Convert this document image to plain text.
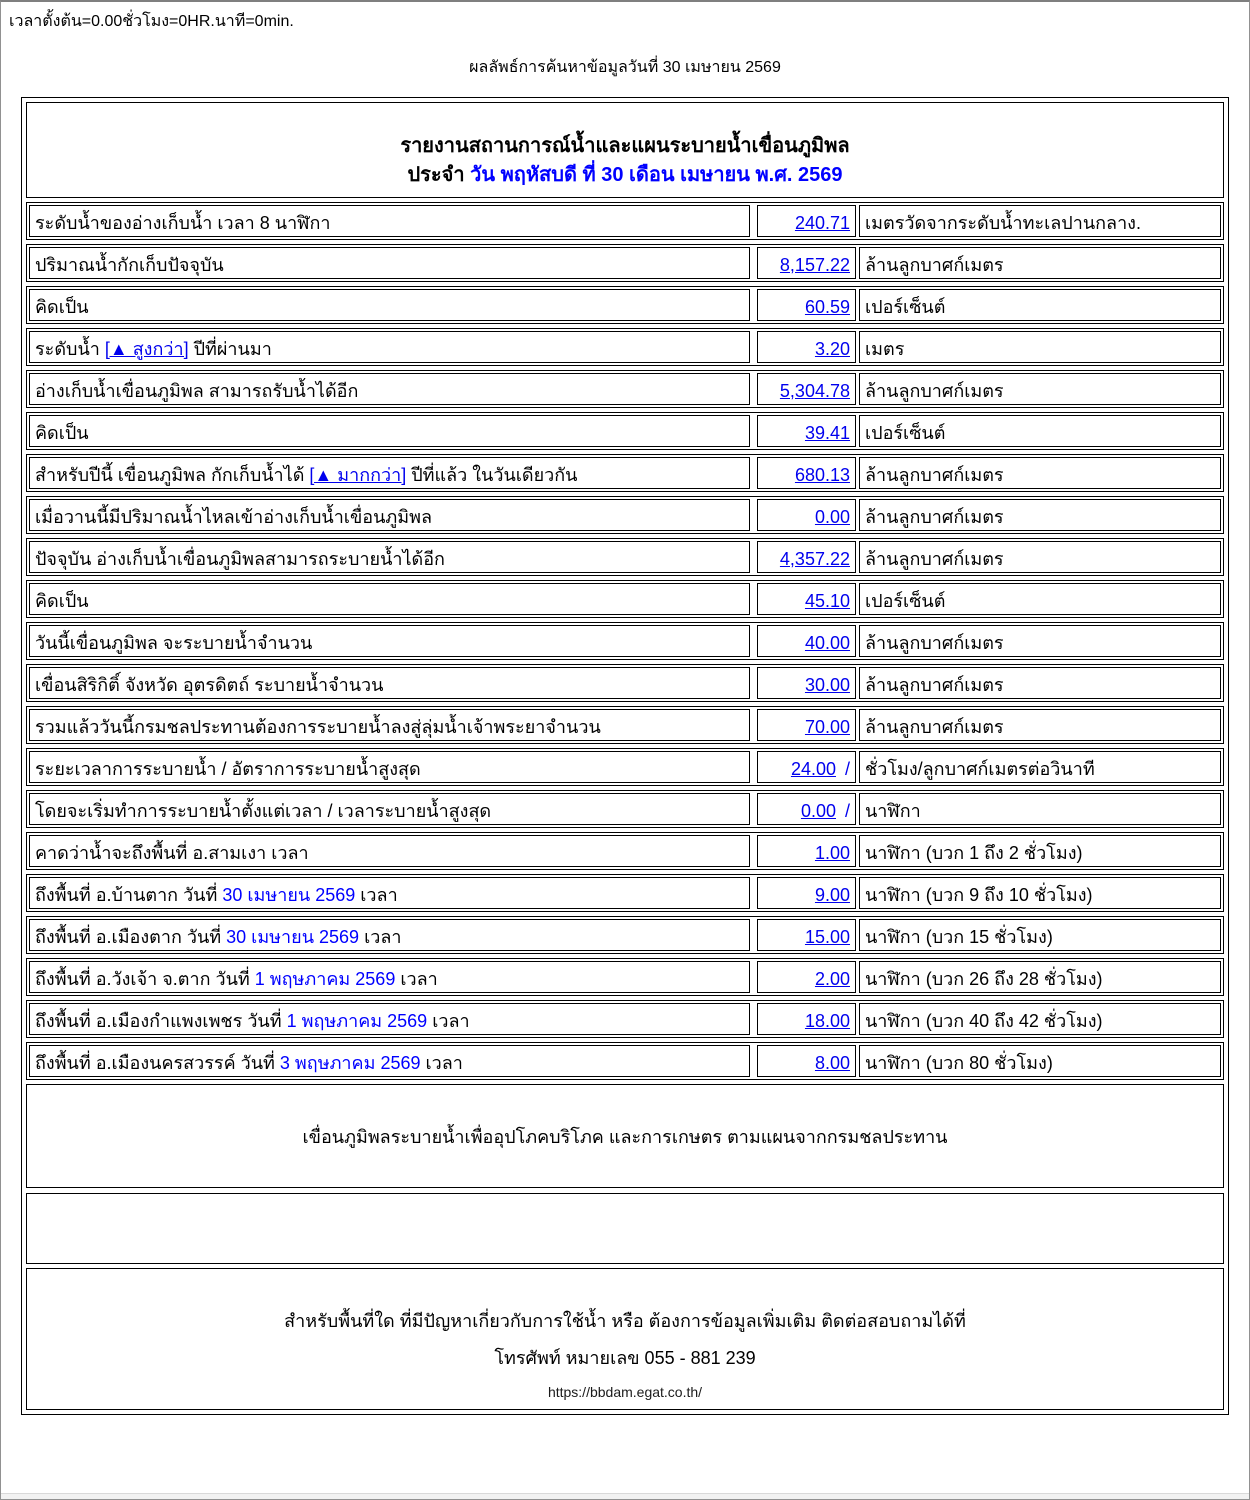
เวลาตั้งต้น=0.00ชั่วโมง=0HR.นาที=0min.
ผลลัพธ์การค้นหาข้อมูลวันที่ 30 เมษายน 2569
รายงานสถานการณ์น้ำและแผนระบายน้ำเขื่อนภูมิพล
ประจำ วัน พฤหัสบดี ที่ 30 เดือน เมษายน พ.ศ. 2569
ระดับน้ำของอ่างเก็บน้ำ เวลา 8 นาฬิกา	240.71 เมตรวัดจากระดับน้ำทะเลปานกลาง.
ปริมาณน้ำกักเก็บปัจจุบัน	8,157.22 ล้านลูกบาศก์เมตร
คิดเป็น	60.59 เปอร์เซ็นต์
ระดับน้ำ [▲ สูงกว่า] ปีที่ผ่านมา	3.20 เมตร
อ่างเก็บน้ำเขื่อนภูมิพล สามารถรับน้ำได้อีก	5,304.78 ล้านลูกบาศก์เมตร
คิดเป็น	39.41 เปอร์เซ็นต์
สำหรับปีนี้ เขื่อนภูมิพล กักเก็บน้ำได้ [▲ มากกว่า] ปีที่แล้ว ในวันเดียวกัน	680.13 ล้านลูกบาศก์เมตร
เมื่อวานนี้มีปริมาณน้ำไหลเข้าอ่างเก็บน้ำเขื่อนภูมิพล	0.00 ล้านลูกบาศก์เมตร
ปัจจุบัน อ่างเก็บน้ำเขื่อนภูมิพลสามารถระบายน้ำได้อีก	4,357.22 ล้านลูกบาศก์เมตร
คิดเป็น	45.10 เปอร์เซ็นต์
วันนี้เขื่อนภูมิพล จะระบายน้ำจำนวน	40.00 ล้านลูกบาศก์เมตร
เขื่อนสิริกิติ์ จังหวัด อุตรดิตถ์ ระบายน้ำจำนวน	30.00 ล้านลูกบาศก์เมตร
รวมแล้ววันนี้กรมชลประทานต้องการระบายน้ำลงสู่ลุ่มน้ำเจ้าพระยาจำนวน	70.00 ล้านลูกบาศก์เมตร
ระยะเวลาการระบายน้ำ / อัตราการระบายน้ำสูงสุด	24.00 / ชั่วโมง/ลูกบาศก์เมตรต่อวินาที
โดยจะเริ่มทำการระบายน้ำตั้งแต่เวลา / เวลาระบายน้ำสูงสุด	0.00 / นาฬิกา
คาดว่าน้ำจะถึงพื้นที่ อ.สามเงา เวลา	1.00 นาฬิกา (บวก 1 ถึง 2 ชั่วโมง)
ถึงพื้นที่ อ.บ้านตาก วันที่ 30 เมษายน 2569 เวลา	9.00 นาฬิกา (บวก 9 ถึง 10 ชั่วโมง)
ถึงพื้นที่ อ.เมืองตาก วันที่ 30 เมษายน 2569 เวลา	15.00 นาฬิกา (บวก 15 ชั่วโมง)
ถึงพื้นที่ อ.วังเจ้า จ.ตาก วันที่ 1 พฤษภาคม 2569 เวลา	2.00 นาฬิกา (บวก 26 ถึง 28 ชั่วโมง)
ถึงพื้นที่ อ.เมืองกำแพงเพชร วันที่ 1 พฤษภาคม 2569 เวลา	18.00 นาฬิกา (บวก 40 ถึง 42 ชั่วโมง)
ถึงพื้นที่ อ.เมืองนครสวรรค์ วันที่ 3 พฤษภาคม 2569 เวลา	8.00 นาฬิกา (บวก 80 ชั่วโมง)
เขื่อนภูมิพลระบายน้ำเพื่ออุปโภคบริโภค และการเกษตร ตามแผนจากกรมชลประทาน
สำหรับพื้นที่ใด ที่มีปัญหาเกี่ยวกับการใช้น้ำ หรือ ต้องการข้อมูลเพิ่มเติม ติดต่อสอบถามได้ที่
โทรศัพท์ หมายเลข 055 - 881 239
https://bbdam.egat.co.th/
